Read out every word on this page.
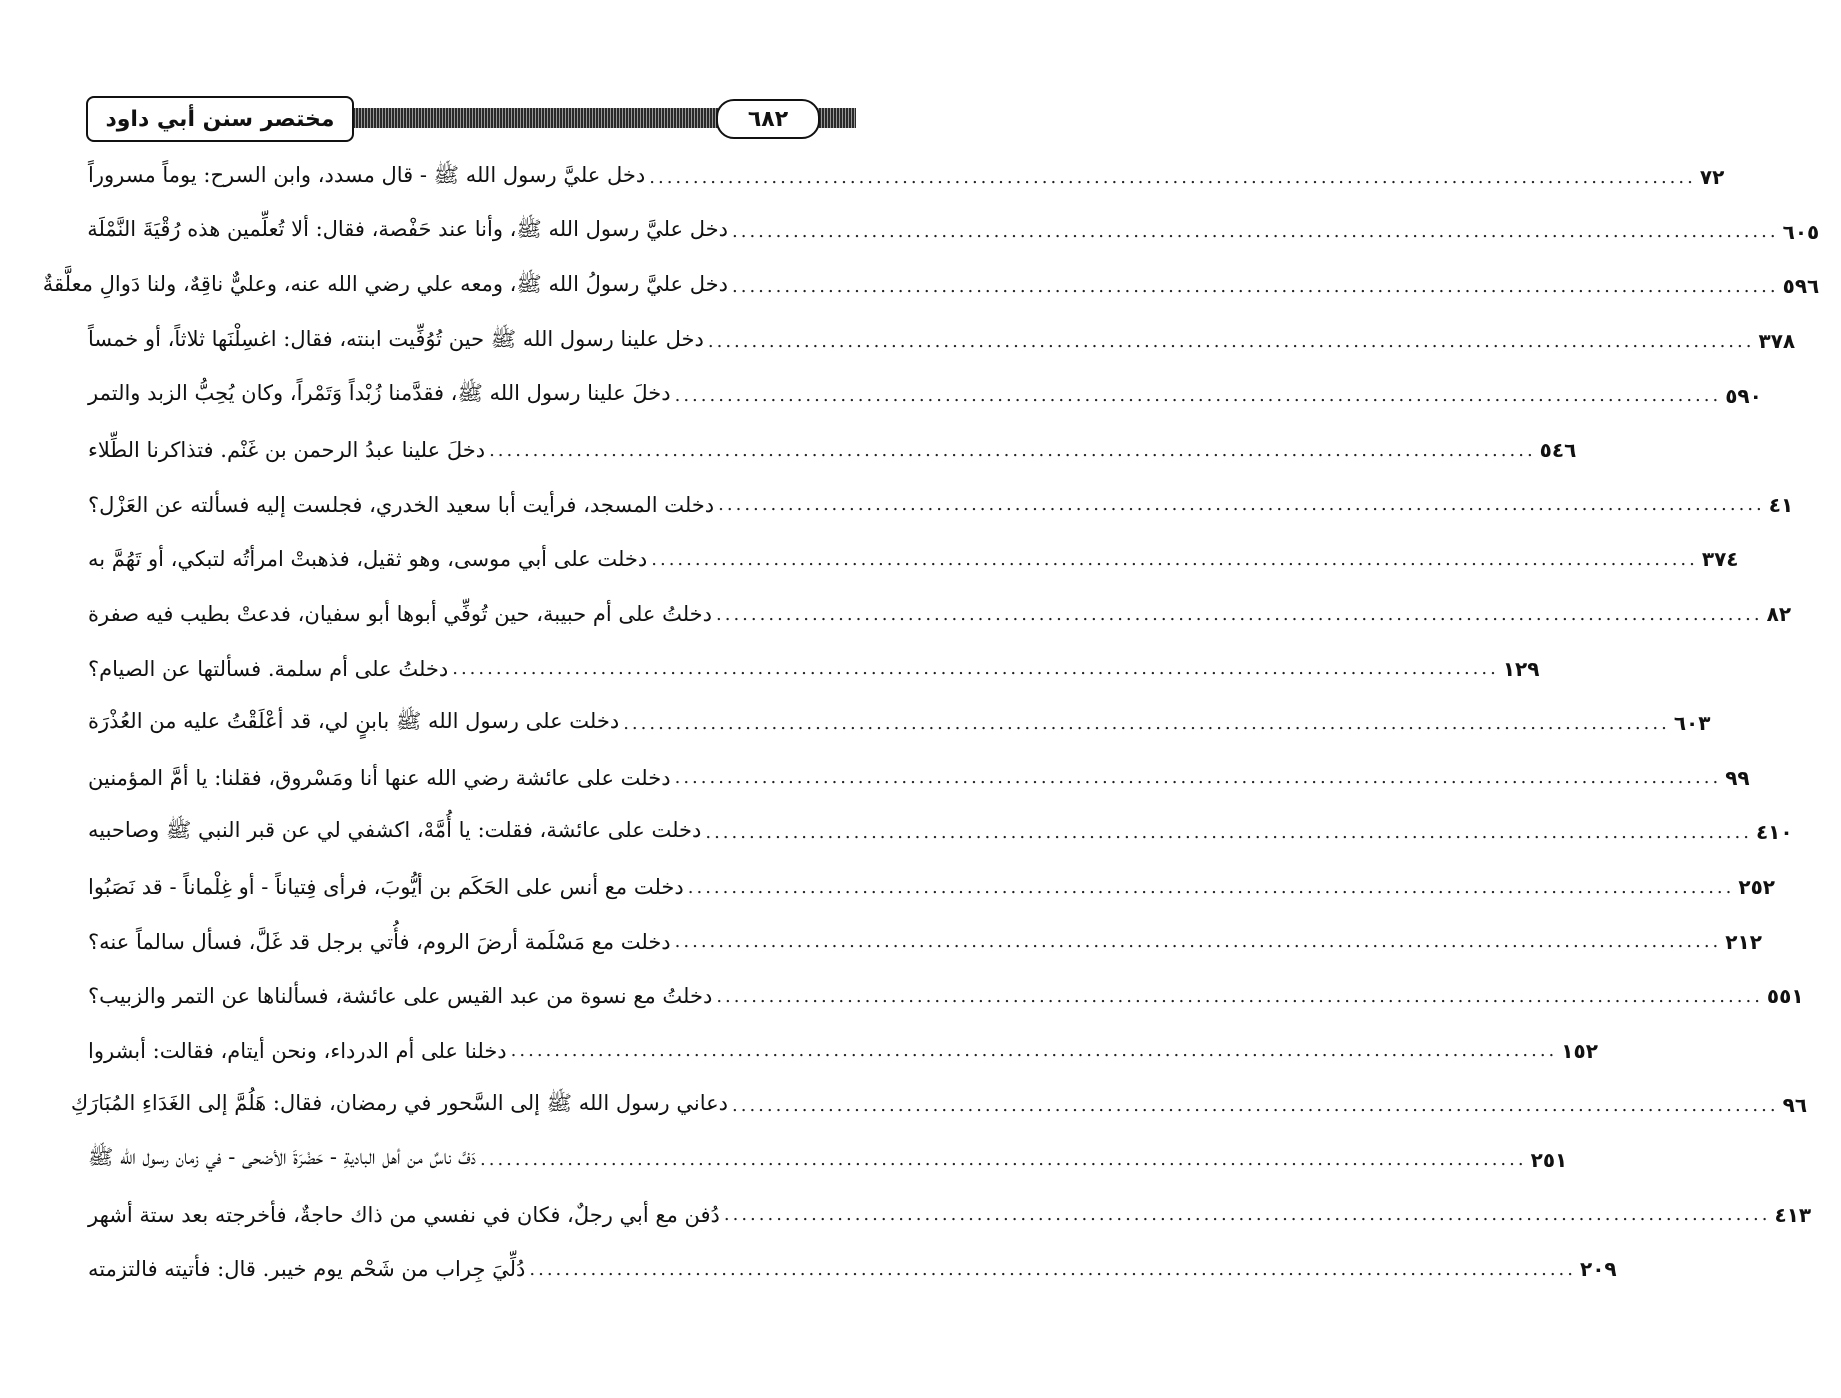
مختصر سنن أبي داود	٦٨٢
دخل عليَّ رسول الله ﷺ - قال مسدد، وابن السرح: يوماً مسروراً ........................................................................................................................ ٧٢
دخل عليَّ رسول الله ﷺ، وأنا عند حَفْصة، فقال: ألا تُعلِّمين هذه رُقْيَةَ النَّمْلَة ........................................................................................................................ ٦٠٥
دخل عليَّ رسولُ الله ﷺ، ومعه علي رضي الله عنه، وعليٌّ ناقِهٌ، ولنا دَوالِ معلَّقةٌ ........................................................................................................................ ٥٩٦
دخل علينا رسول الله ﷺ حين تُوُفِّيت ابنته، فقال: اغسِلْنَها ثلاثاً، أو خمساً ........................................................................................................................ ٣٧٨
دخلَ علينا رسول الله ﷺ، فقدَّمنا زُبْداً وَتَمْراً، وكان يُحِبُّ الزبد والتمر ........................................................................................................................ ٥٩٠
دخلَ علينا عبدُ الرحمن بن غَنْم. فتذاكرنا الطِّلاء ........................................................................................................................ ٥٤٦
دخلت المسجد، فرأيت أبا سعيد الخدري، فجلست إليه فسألته عن العَزْل؟ ........................................................................................................................ ٤١
دخلت على أبي موسى، وهو ثقيل، فذهبتْ امرأتُه لتبكي، أو تَهُمَّ به ........................................................................................................................ ٣٧٤
دخلتُ على أم حبيبة، حين تُوفِّي أبوها أبو سفيان، فدعتْ بطيب فيه صفرة ........................................................................................................................ ٨٢
دخلتُ على أم سلمة. فسألتها عن الصيام؟ ........................................................................................................................ ١٢٩
دخلت على رسول الله ﷺ بابنٍ لي، قد أعْلَقْتُ عليه من العُذْرَة ........................................................................................................................ ٦٠٣
دخلت على عائشة رضي الله عنها أنا ومَسْروق، فقلنا: يا أمَّ المؤمنين ........................................................................................................................ ٩٩
دخلت على عائشة، فقلت: يا أُمَّهْ، اكشفي لي عن قبر النبي ﷺ وصاحبيه ........................................................................................................................ ٤١٠
دخلت مع أنس على الحَكَم بن أيُّوبَ، فرأى فِتياناً - أو غِلْماناً - قد نَصَبُوا ........................................................................................................................ ٢٥٢
دخلت مع مَسْلَمة أرضَ الروم، فأُتي برجل قد غَلَّ، فسأل سالماً عنه؟ ........................................................................................................................ ٢١٢
دخلتُ مع نسوة من عبد القيس على عائشة، فسألناها عن التمر والزبيب؟ ........................................................................................................................ ٥٥١
دخلنا على أم الدرداء، ونحن أيتام، فقالت: أبشروا ........................................................................................................................ ١٥٢
دعاني رسول الله ﷺ إلى السَّحور في رمضان، فقال: هَلُمَّ إلى الغَدَاءِ المُبَارَكِ ........................................................................................................................ ٩٦
دَفَّ ناسٌ من أهل الباديةِ - حَضْرَةَ الأضحى - في زمان رسول الله ﷺ ........................................................................................................................ ٢٥١
دُفن مع أبي رجلٌ، فكان في نفسي من ذاك حاجةٌ، فأخرجته بعد ستة أشهر ........................................................................................................................ ٤١٣
دُلِّيَ جِراب من شَحْم يوم خيبر. قال: فأتيته فالتزمته ........................................................................................................................ ٢٠٩
